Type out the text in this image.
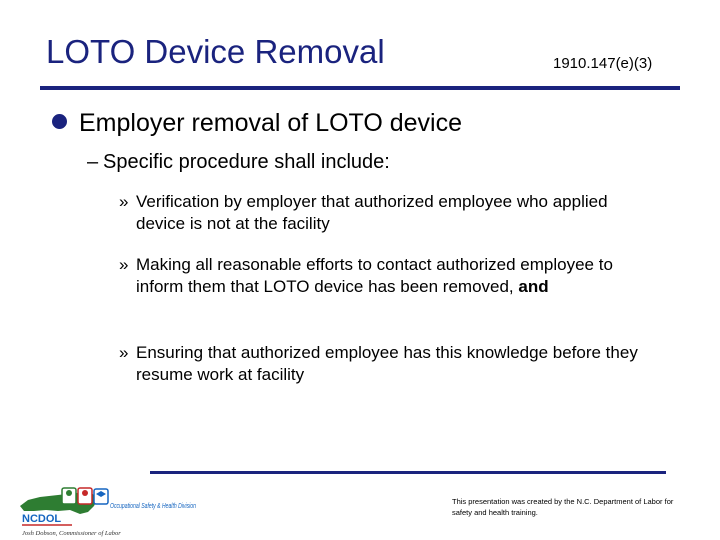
LOTO Device Removal	1910.147(e)(3)
Employer removal of LOTO device
– Specific procedure shall include:
» Verification by employer that authorized employee who applied device is not at the facility
» Making all reasonable efforts to contact authorized employee to inform them that LOTO device has been removed, and
» Ensuring that authorized employee has this knowledge before they resume work at facility
NCDOL
Occupational Safety & Health Division
Josh Dobson, Commissioner of Labor
This presentation was created by the N.C. Department of Labor for safety and health training.
